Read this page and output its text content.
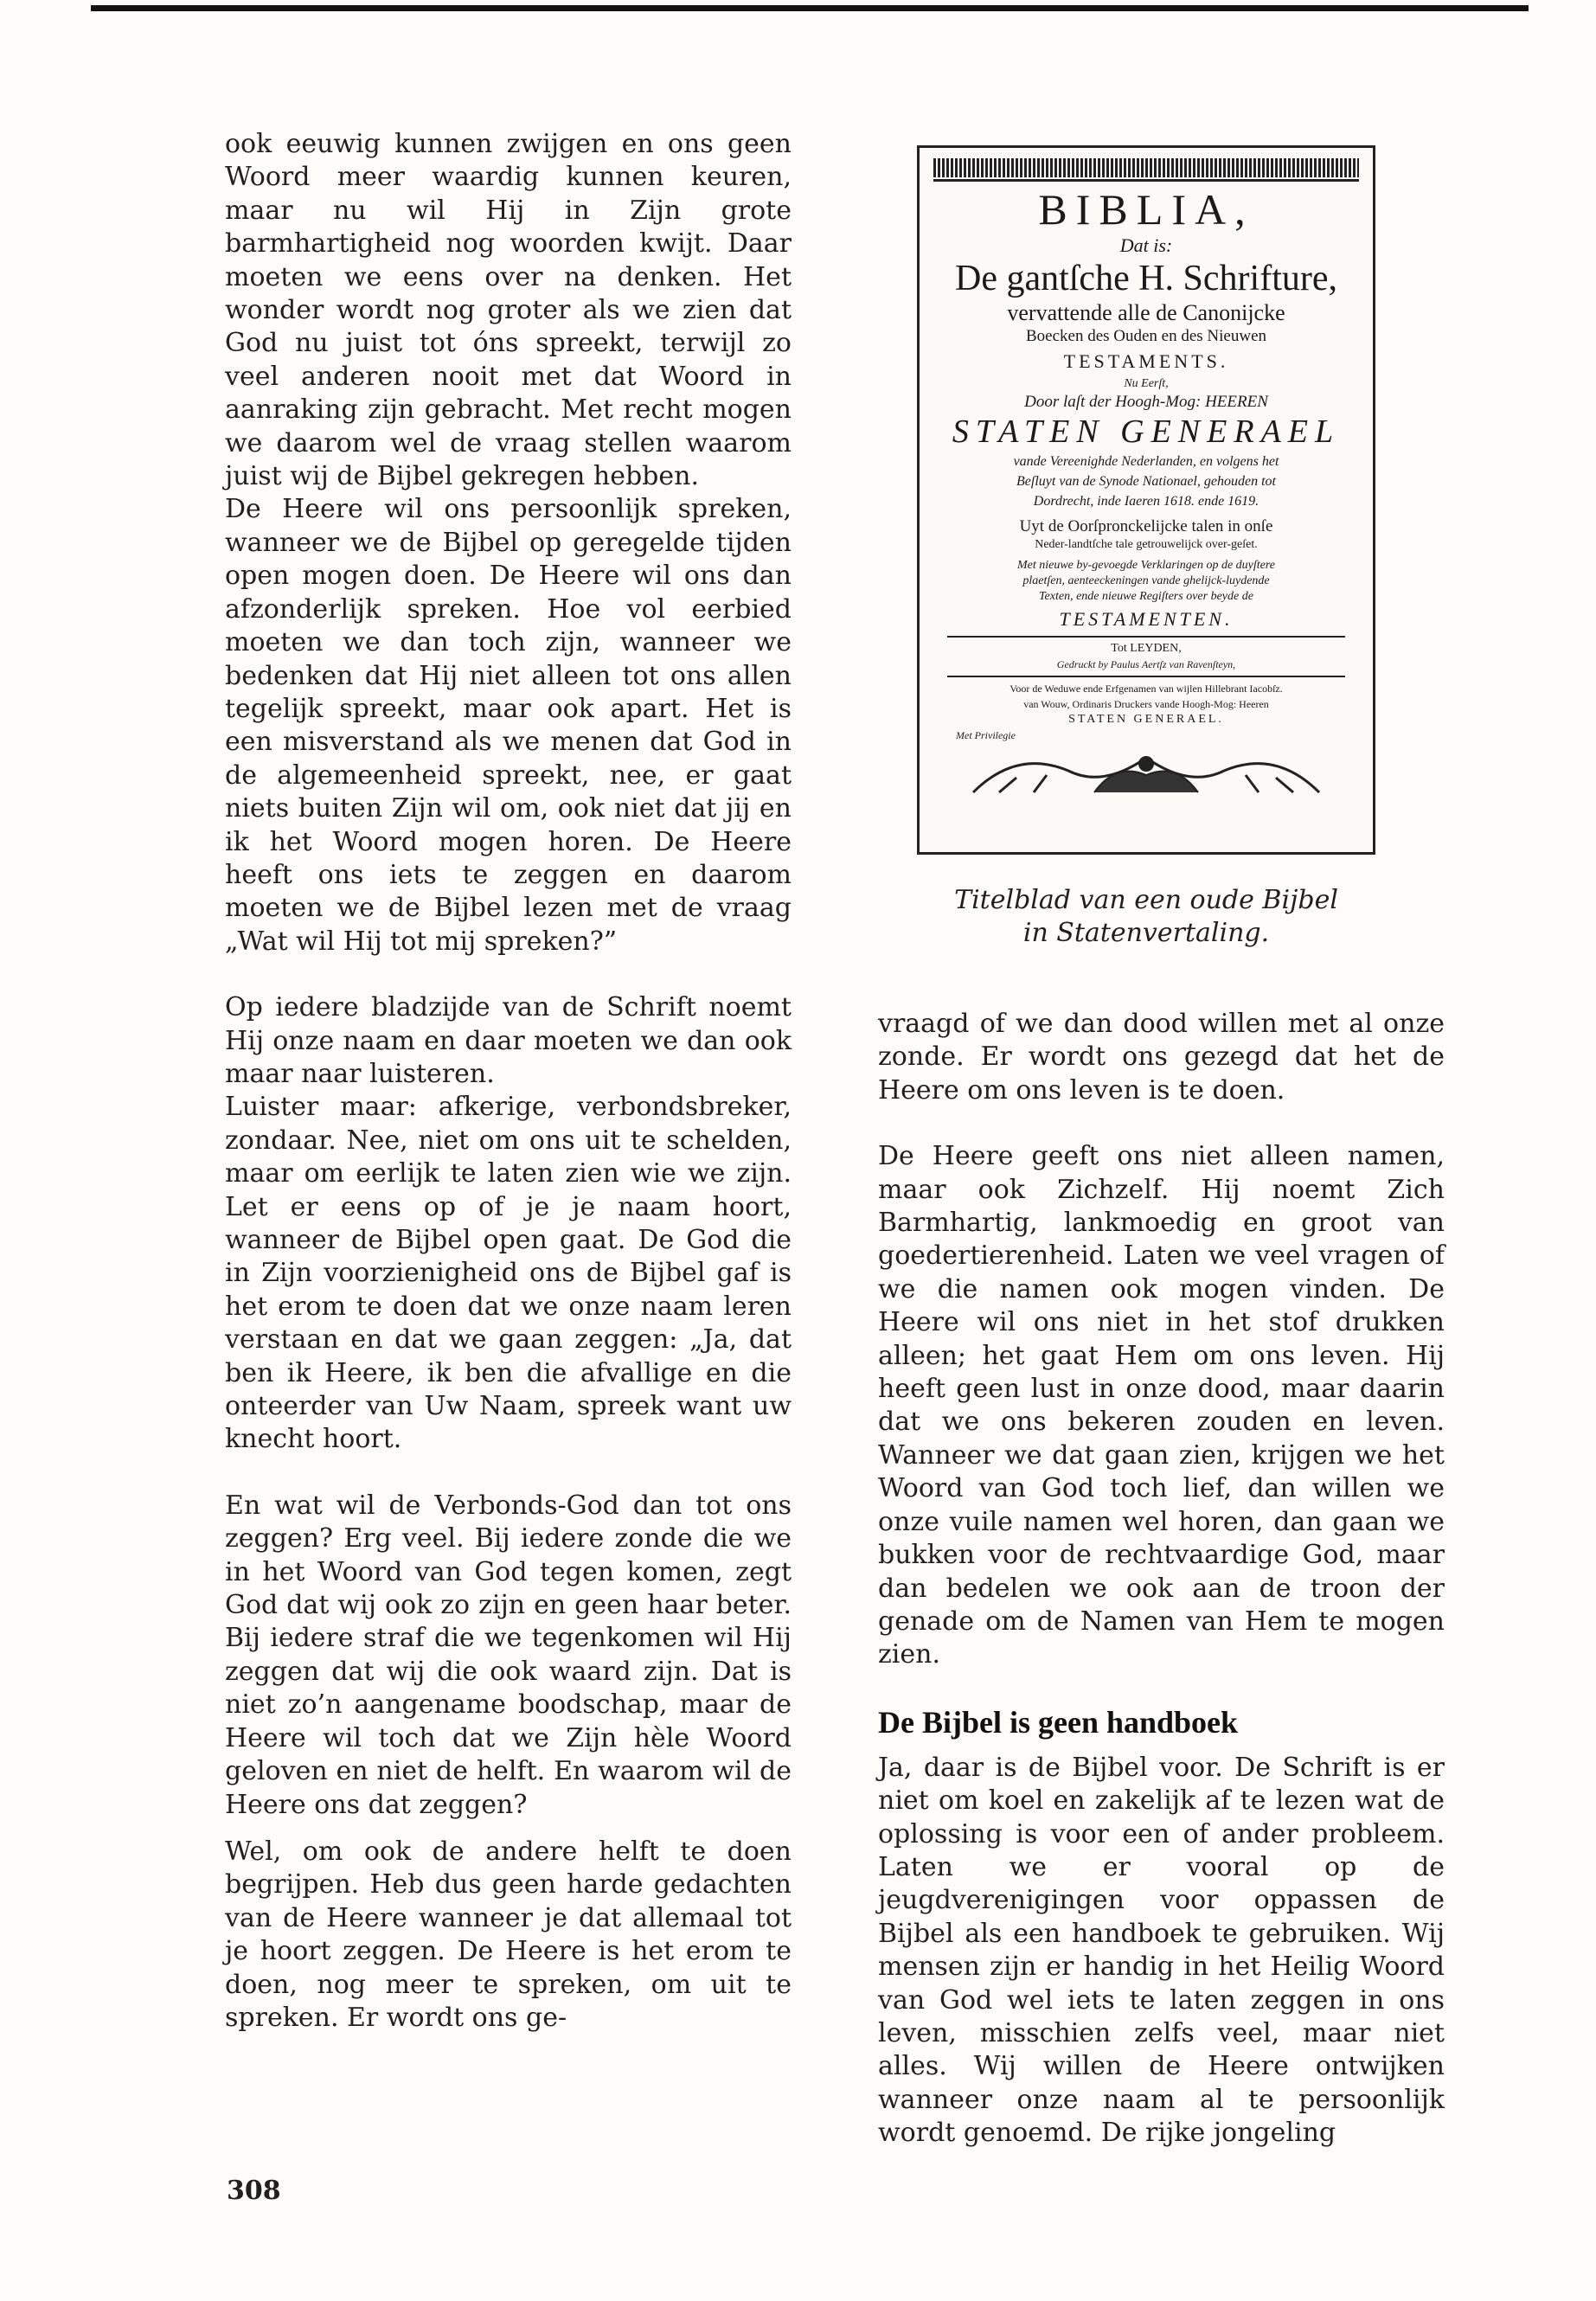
ook eeuwig kunnen zwijgen en ons geen Woord meer waardig kunnen keuren, maar nu wil Hij in Zijn grote barmhartigheid nog woorden kwijt. Daar moeten we eens over na denken. Het wonder wordt nog groter als we zien dat God nu juist tot óns spreekt, terwijl zo veel anderen nooit met dat Woord in aanraking zijn gebracht. Met recht mogen we daarom wel de vraag stellen waarom juist wij de Bijbel gekregen hebben.

De Heere wil ons persoonlijk spreken, wanneer we de Bijbel op geregelde tijden open mogen doen. De Heere wil ons dan afzonderlijk spreken. Hoe vol eerbied moeten we dan toch zijn, wanneer we bedenken dat Hij niet alleen tot ons allen tegelijk spreekt, maar ook apart. Het is een misverstand als we menen dat God in de algemeenheid spreekt, nee, er gaat niets buiten Zijn wil om, ook niet dat jij en ik het Woord mogen horen. De Heere heeft ons iets te zeggen en daarom moeten we de Bijbel lezen met de vraag „Wat wil Hij tot mij spreken?”

Op iedere bladzijde van de Schrift noemt Hij onze naam en daar moeten we dan ook maar naar luisteren.

Luister maar: afkerige, verbondsbreker, zondaar. Nee, niet om ons uit te schelden, maar om eerlijk te laten zien wie we zijn. Let er eens op of je je naam hoort, wanneer de Bijbel open gaat. De God die in Zijn voorzienigheid ons de Bijbel gaf is het erom te doen dat we onze naam leren verstaan en dat we gaan zeggen: „Ja, dat ben ik Heere, ik ben die afvallige en die onteerder van Uw Naam, spreek want uw knecht hoort.

En wat wil de Verbonds-God dan tot ons zeggen? Erg veel. Bij iedere zonde die we in het Woord van God tegen komen, zegt God dat wij ook zo zijn en geen haar beter. Bij iedere straf die we tegenkomen wil Hij zeggen dat wij die ook waard zijn. Dat is niet zo’n aangename boodschap, maar de Heere wil toch dat we Zijn hèle Woord geloven en niet de helft. En waarom wil de Heere ons dat zeggen?

Wel, om ook de andere helft te doen begrijpen. Heb dus geen harde gedachten van de Heere wanneer je dat allemaal tot je hoort zeggen. De Heere is het erom te doen, nog meer te spreken, om uit te spreken. Er wordt ons ge-

BIBLIA,

Dat is:

De gantſche H. Schrifture,

vervattende alle de Canonijcke

Boecken des Ouden en des Nieuwen

TESTAMENTS.

Nu Eerſt,

Door laſt der Hoogh-Mog: HEEREN

STATEN GENERAEL

vande Vereenighde Nederlanden, en volgens het

Beſluyt van de Synode Nationael, gehouden tot

Dordrecht, inde Iaeren 1618. ende 1619.

Uyt de Oorſpronckelijcke talen in onſe

Neder-landtſche tale getrouwelijck over-geſet.

Met nieuwe by-gevoegde Verklaringen op de duyſtere

plaetſen, aenteeckeningen vande ghelijck-luydende

Texten, ende nieuwe Regiſters over beyde de

TESTAMENTEN.

Tot LEYDEN,

Gedruckt by Paulus Aertſz van Ravenſteyn,

Voor de Weduwe ende Erfgenamen van wijlen Hillebrant Iacobſz.

van Wouw, Ordinaris Druckers vande Hoogh-Mog: Heeren

STATEN GENERAEL.

Met Privilegie

Titelblad van een oude Bijbel
in Statenvertaling.

vraagd of we dan dood willen met al onze zonde. Er wordt ons gezegd dat het de Heere om ons leven is te doen.

De Heere geeft ons niet alleen namen, maar ook Zichzelf. Hij noemt Zich Barmhartig, lankmoedig en groot van goedertierenheid. Laten we veel vragen of we die namen ook mogen vinden. De Heere wil ons niet in het stof drukken alleen; het gaat Hem om ons leven. Hij heeft geen lust in onze dood, maar daarin dat we ons bekeren zouden en leven. Wanneer we dat gaan zien, krijgen we het Woord van God toch lief, dan willen we onze vuile namen wel horen, dan gaan we bukken voor de rechtvaardige God, maar dan bedelen we ook aan de troon der genade om de Namen van Hem te mogen zien.

De Bijbel is geen handboek

Ja, daar is de Bijbel voor. De Schrift is er niet om koel en zakelijk af te lezen wat de oplossing is voor een of ander probleem. Laten we er vooral op de jeugdverenigingen voor oppassen de Bijbel als een handboek te gebruiken. Wij mensen zijn er handig in het Heilig Woord van God wel iets te laten zeggen in ons leven, misschien zelfs veel, maar niet alles. Wij willen de Heere ontwijken wanneer onze naam al te persoonlijk wordt genoemd. De rijke jongeling

308
